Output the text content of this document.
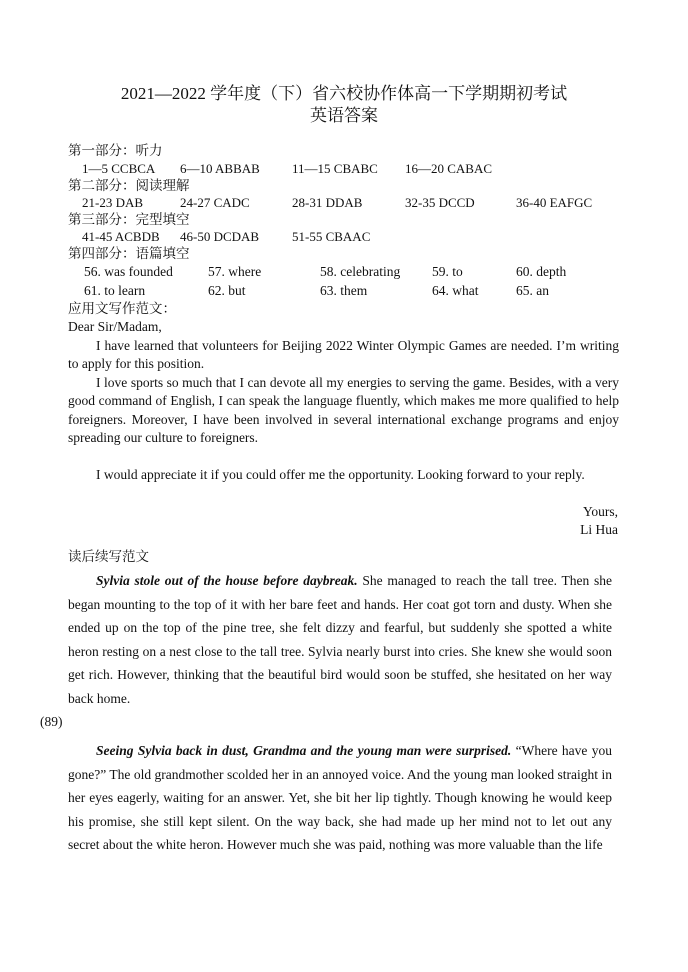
2021—2022 学年度（下）省六校协作体高一下学期期初考试
英语答案
第一部分：听力
1—5 CCBCA 6—10 ABBAB 11—15 CBABC 16—20 CABAC
第二部分：阅读理解
21-23 DAB	24-27 CADC	28-31 DDAB	32-35 DCCD	36-40 EAFGC
第三部分：完型填空
41-45 ACBDB 46-50 DCDAB	51-55 CBAAC
第四部分：语篇填空
56. was founded	57. where	58. celebrating 59. to	60. depth
61. to learn	62. but	63. them	64. what	65. an
应用文写作范文：
Dear Sir/Madam,
I have learned that volunteers for Beijing 2022 Winter Olympic Games are needed. I’m writing to apply for this position.
I love sports so much that I can devote all my energies to serving the game. Besides, with a very good command of English, I can speak the language fluently, which makes me more qualified to help foreigners. Moreover, I have been involved in several international exchange programs and enjoy spreading our culture to foreigners.
I would appreciate it if you could offer me the opportunity. Looking forward to your reply.
Yours,
Li Hua
读后续写范文
Sylvia stole out of the house before daybreak. She managed to reach the tall tree. Then she began mounting to the top of it with her bare feet and hands. Her coat got torn and dusty. When she ended up on the top of the pine tree, she felt dizzy and fearful, but suddenly she spotted a white heron resting on a nest close to the tall tree. Sylvia nearly burst into cries. She knew she would soon get rich. However, thinking that the beautiful bird would soon be stuffed, she hesitated on her way back home.
(89)
Seeing Sylvia back in dust, Grandma and the young man were surprised. “Where have you gone?” The old grandmother scolded her in an annoyed voice. And the young man looked straight in her eyes eagerly, waiting for an answer. Yet, she bit her lip tightly. Though knowing he would keep his promise, she still kept silent. On the way back, she had made up her mind not to let out any secret about the white heron. However much she was paid, nothing was more valuable than the life
